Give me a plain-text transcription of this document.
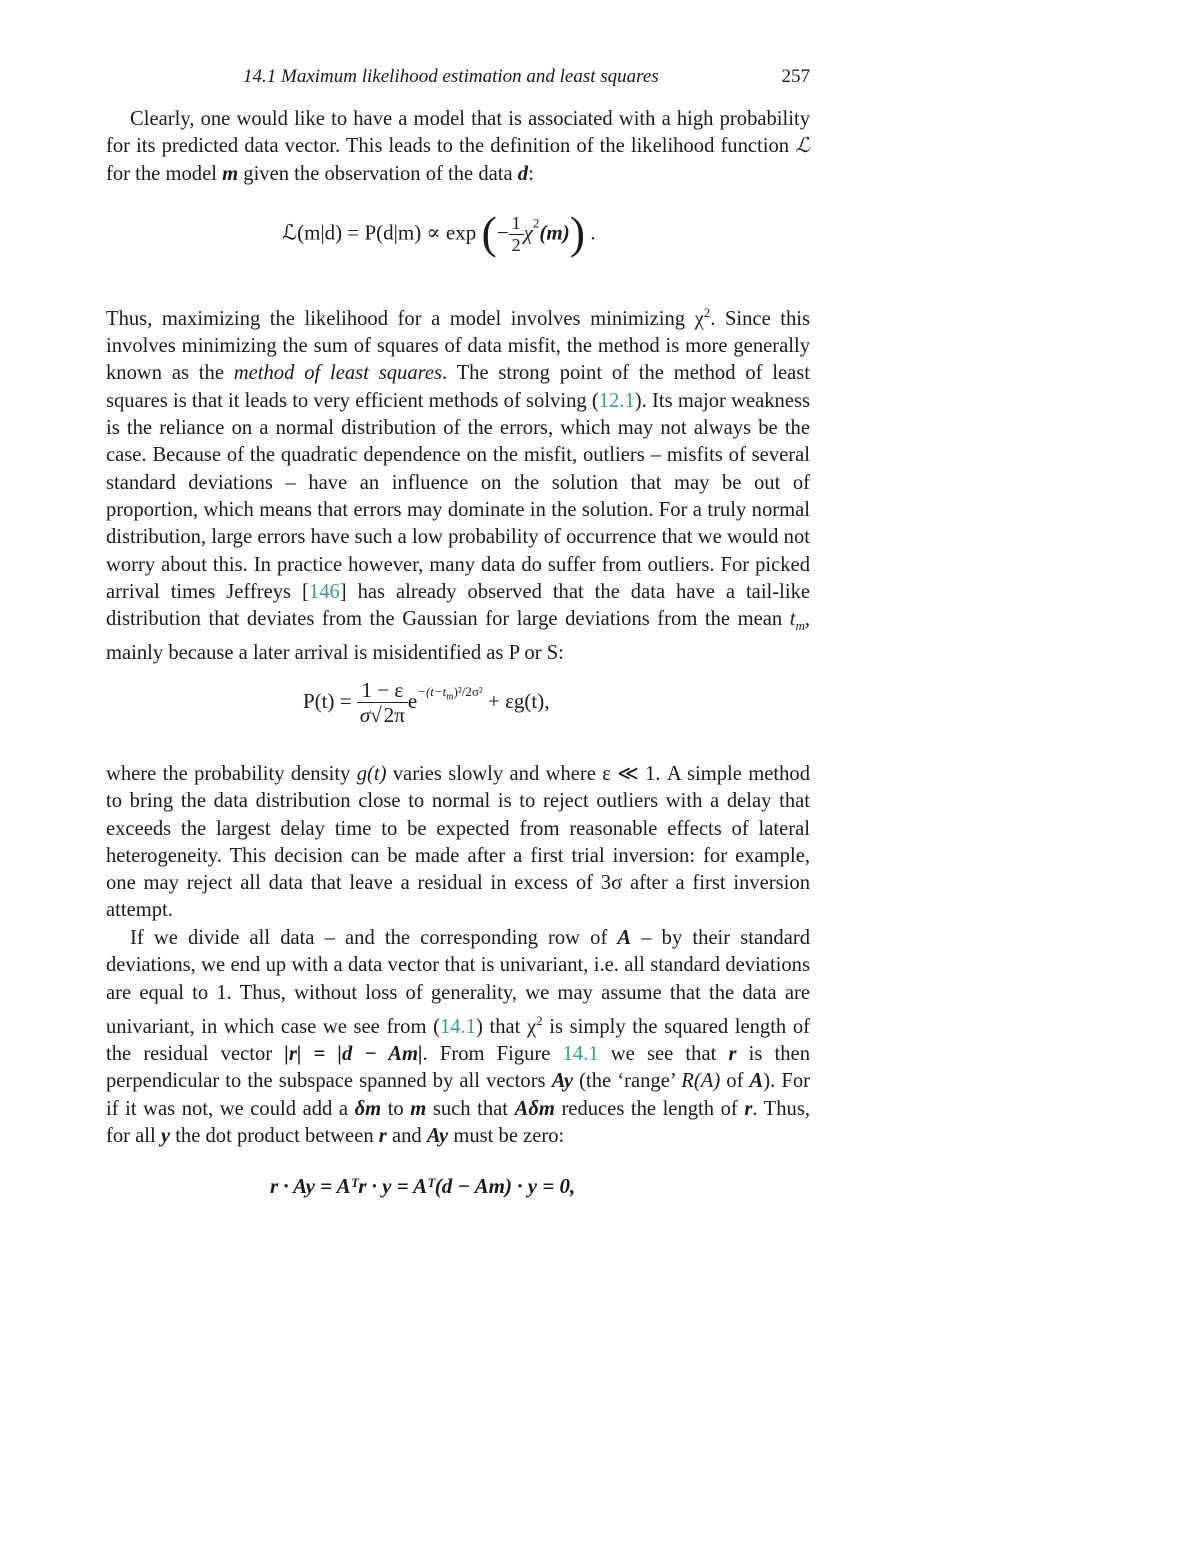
14.1 Maximum likelihood estimation and least squares	257

Clearly, one would like to have a model that is associated with a high probability for its predicted data vector. This leads to the definition of the likelihood function ℒ for the model m given the observation of the data d:

ℒ(m|d) = P(d|m) ∝ exp (− $\frac{1}{2} \chi^2(m)$) .

Thus, maximizing the likelihood for a model involves minimizing $\chi^2$. Since this involves minimizing the sum of squares of data misfit, the method is more generally known as the method of least squares. The strong point of the method of least squares is that it leads to very efficient methods of solving (12.1). Its major weakness is the reliance on a normal distribution of the errors, which may not always be the case. Because of the quadratic dependence on the misfit, outliers – misfits of several standard deviations – have an influence on the solution that may be out of proportion, which means that errors may dominate in the solution. For a truly normal distribution, large errors have such a low probability of occurrence that we would not worry about this. In practice however, many data do suffer from outliers. For picked arrival times Jeffreys [146] has already observed that the data have a tail-like distribution that deviates from the Gaussian for large deviations from the mean $t_m$, mainly because a later arrival is misidentified as P or S:

$P(t) = \frac{1 - \varepsilon}{\sigma√2\pi} e^{-(t-t_m)^2/2\sigma^2} + \varepsilon g(t)$,

where the probability density g(t) varies slowly and where ε ≪ 1. A simple method to bring the data distribution close to normal is to reject outliers with a delay that exceeds the largest delay time to be expected from reasonable effects of lateral heterogeneity. This decision can be made after a first trial inversion: for example, one may reject all data that leave a residual in excess of 3σ after a first inversion attempt.

If we divide all data – and the corresponding row of A – by their standard deviations, we end up with a data vector that is univariant, i.e. all standard deviations are equal to 1. Thus, without loss of generality, we may assume that the data are univariant, in which case we see from (14.1) that $\chi^2$ is simply the squared length of the residual vector |r| = |d − Am|. From Figure 14.1 we see that r is then perpendicular to the subspace spanned by all vectors Ay (the ‘range’ R(A) of A). For if it was not, we could add a δm to m such that Aδm reduces the length of r. Thus, for all y the dot product between r and Ay must be zero:

r · Ay = Aᵀr · y = Aᵀ(d − Am) · y = 0,
